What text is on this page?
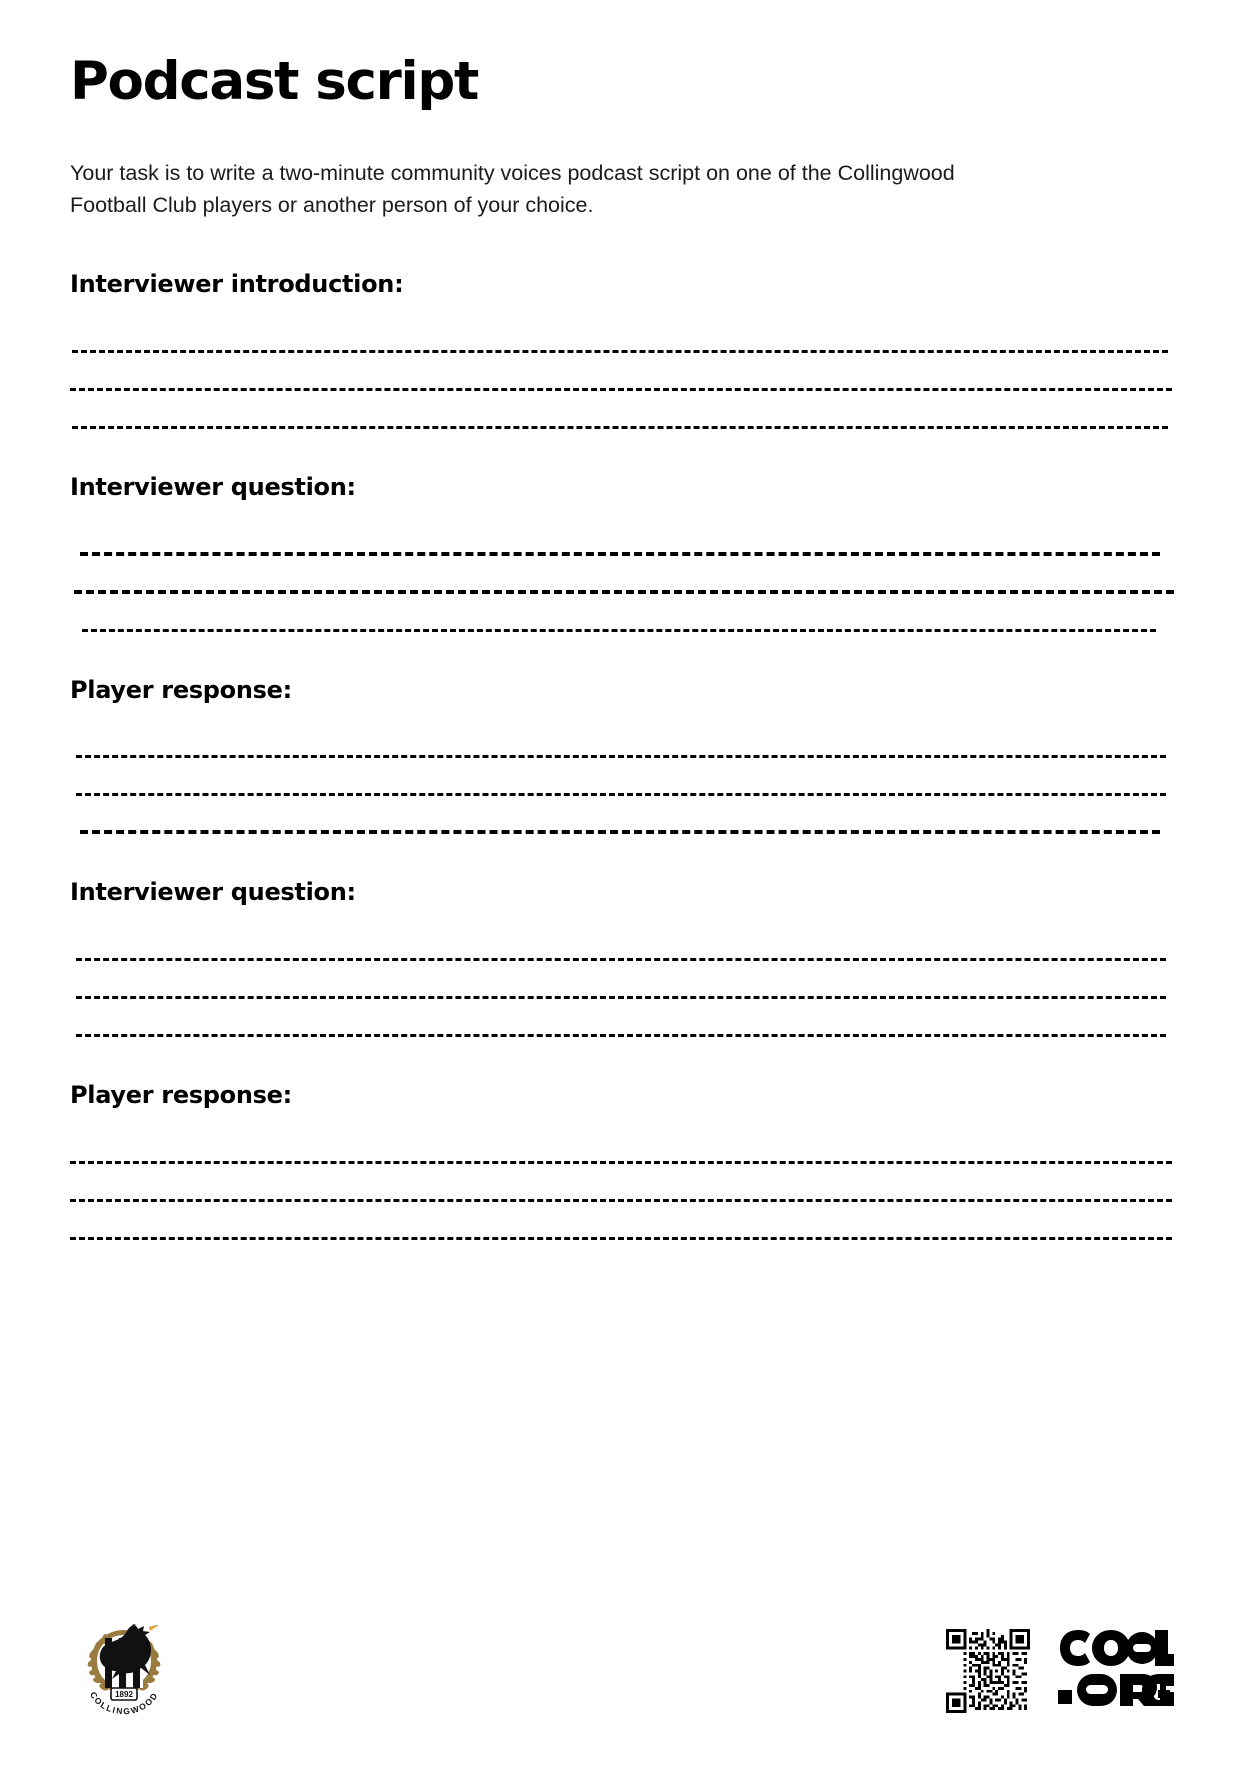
Podcast script

Your task is to write a two-minute community voices podcast script on one of the Collingwood Football Club players or another person of your choice.

Interviewer introduction:
Interviewer question:
Player response:
Interviewer question:
Player response:
1892
COLLINGWOOD
